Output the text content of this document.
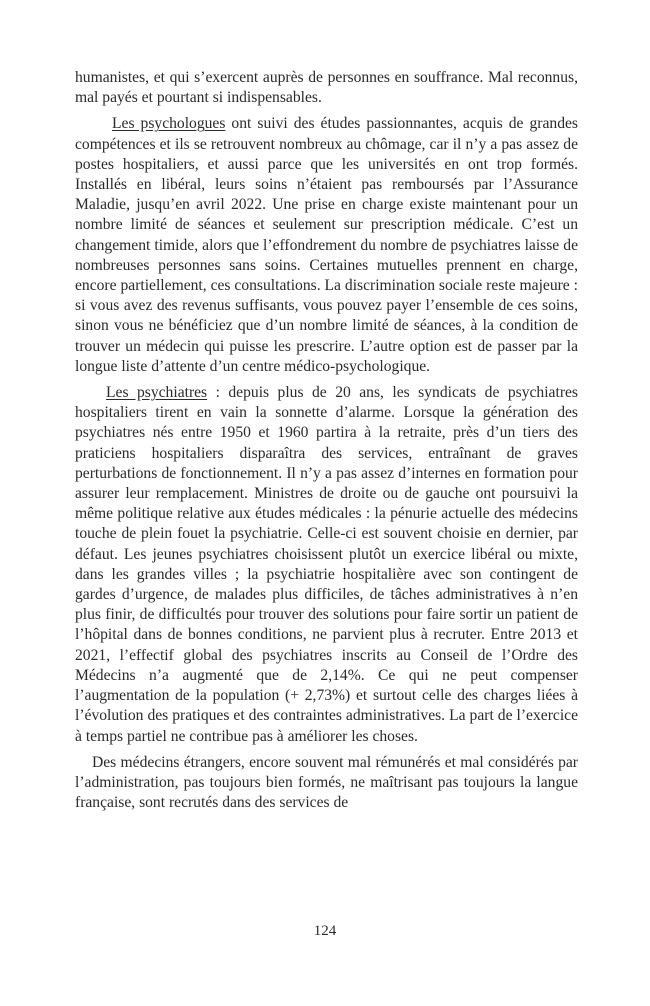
humanistes, et qui s’exercent auprès de personnes en souffrance. Mal reconnus, mal payés et pourtant si indispensables.

Les psychologues ont suivi des études passionnantes, acquis de grandes compétences et ils se retrouvent nombreux au chômage, car il n’y a pas assez de postes hospitaliers, et aussi parce que les universités en ont trop formés. Installés en libéral, leurs soins n’étaient pas remboursés par l’Assurance Maladie, jusqu’en avril 2022. Une prise en charge existe maintenant pour un nombre limité de séances et seulement sur prescription médicale. C’est un changement timide, alors que l’effondrement du nombre de psychiatres laisse de nombreuses personnes sans soins. Certaines mutuelles prennent en charge, encore partiellement, ces consultations. La discrimination sociale reste majeure : si vous avez des revenus suffisants, vous pouvez payer l’ensemble de ces soins, sinon vous ne bénéficiez que d’un nombre limité de séances, à la condition de trouver un médecin qui puisse les prescrire. L’autre option est de passer par la longue liste d’attente d’un centre médico-psychologique.

Les psychiatres : depuis plus de 20 ans, les syndicats de psychiatres hospitaliers tirent en vain la sonnette d’alarme. Lorsque la génération des psychiatres nés entre 1950 et 1960 partira à la retraite, près d’un tiers des praticiens hospitaliers disparaîtra des services, entraînant de graves perturbations de fonctionnement. Il n’y a pas assez d’internes en formation pour assurer leur remplacement. Ministres de droite ou de gauche ont poursuivi la même politique relative aux études médicales : la pénurie actuelle des médecins touche de plein fouet la psychiatrie. Celle-ci est souvent choisie en dernier, par défaut. Les jeunes psychiatres choisissent plutôt un exercice libéral ou mixte, dans les grandes villes ; la psychiatrie hospitalière avec son contingent de gardes d’urgence, de malades plus difficiles, de tâches administratives à n’en plus finir, de difficultés pour trouver des solutions pour faire sortir un patient de l’hôpital dans de bonnes conditions, ne parvient plus à recruter. Entre 2013 et 2021, l’effectif global des psychiatres inscrits au Conseil de l’Ordre des Médecins n’a augmenté que de 2,14%. Ce qui ne peut compenser l’augmentation de la population (+ 2,73%) et surtout celle des charges liées à l’évolution des pratiques et des contraintes administratives. La part de l’exercice à temps partiel ne contribue pas à améliorer les choses.

Des médecins étrangers, encore souvent mal rémunérés et mal considérés par l’administration, pas toujours bien formés, ne maîtrisant pas toujours la langue française, sont recrutés dans des services de

124
